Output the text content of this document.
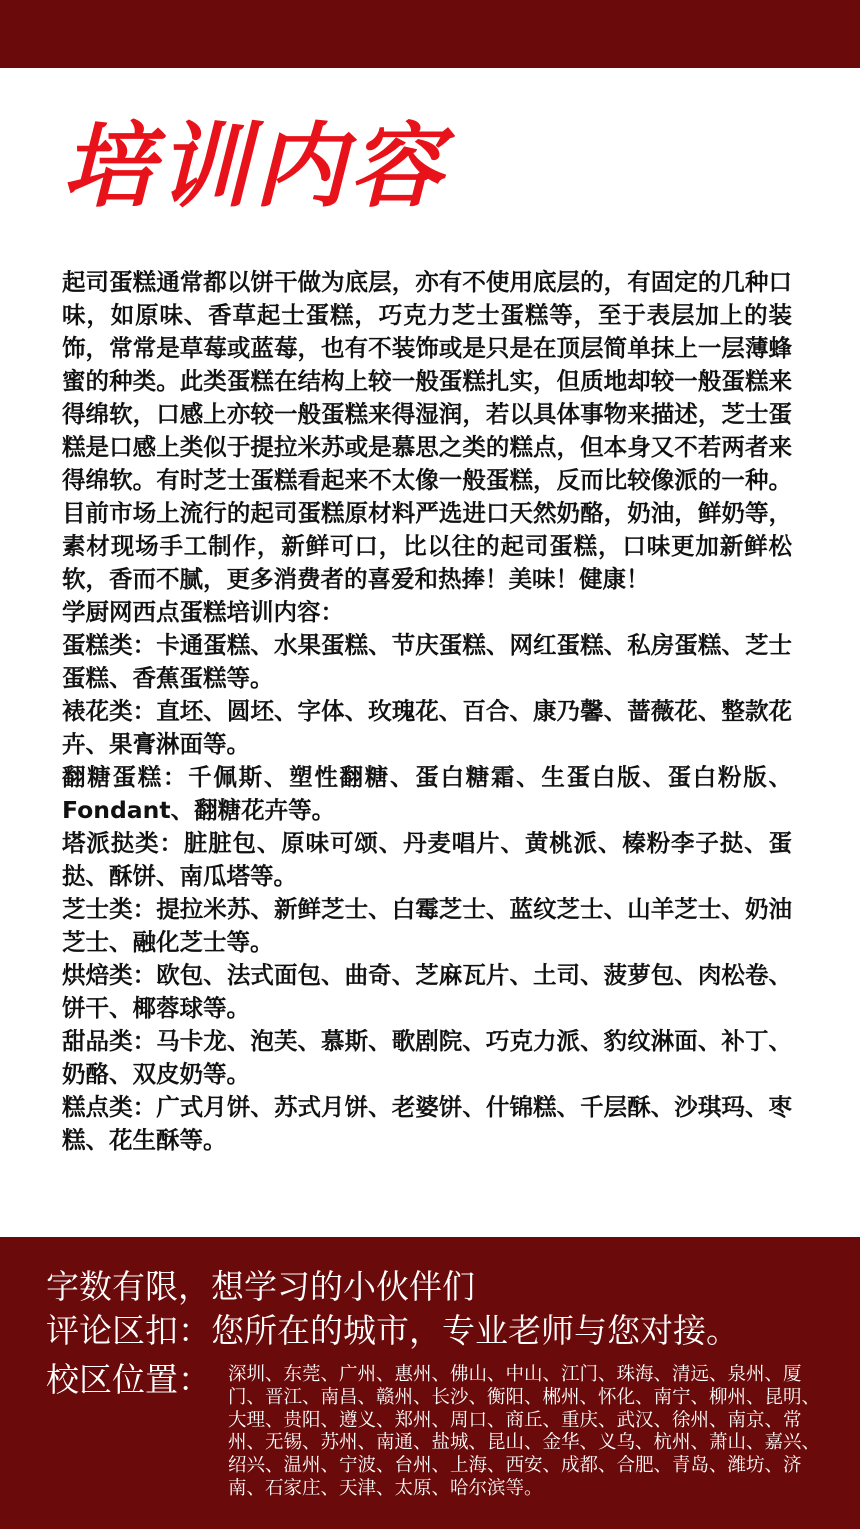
培训内容

起司蛋糕通常都以饼干做为底层，亦有不使用底层的，有固定的几种口味，如原味、香草起士蛋糕，巧克力芝士蛋糕等，至于表层加上的装饰，常常是草莓或蓝莓，也有不装饰或是只是在顶层简单抹上一层薄蜂蜜的种类。此类蛋糕在结构上较一般蛋糕扎实，但质地却较一般蛋糕来得绵软，口感上亦较一般蛋糕来得湿润，若以具体事物来描述，芝士蛋糕是口感上类似于提拉米苏或是慕思之类的糕点，但本身又不若两者来得绵软。有时芝士蛋糕看起来不太像一般蛋糕，反而比较像派的一种。目前市场上流行的起司蛋糕原材料严选进口天然奶酪，奶油，鲜奶等，素材现场手工制作，新鲜可口，比以往的起司蛋糕，口味更加新鲜松软，香而不腻，更多消费者的喜爱和热捧！美味！健康！

学厨网西点蛋糕培训内容：

蛋糕类：卡通蛋糕、水果蛋糕、节庆蛋糕、网红蛋糕、私房蛋糕、芝士蛋糕、香蕉蛋糕等。

裱花类：直坯、圆坯、字体、玫瑰花、百合、康乃馨、蔷薇花、整款花卉、果膏淋面等。

翻糖蛋糕：千佩斯、塑性翻糖、蛋白糖霜、生蛋白版、蛋白粉版、Fondant、翻糖花卉等。

塔派挞类：脏脏包、原味可颂、丹麦唱片、黄桃派、榛粉李子挞、蛋挞、酥饼、南瓜塔等。

芝士类：提拉米苏、新鲜芝士、白霉芝士、蓝纹芝士、山羊芝士、奶油芝士、融化芝士等。

烘焙类：欧包、法式面包、曲奇、芝麻瓦片、土司、菠萝包、肉松卷、饼干、椰蓉球等。

甜品类：马卡龙、泡芙、慕斯、歌剧院、巧克力派、豹纹淋面、补丁、奶酪、双皮奶等。

糕点类：广式月饼、苏式月饼、老婆饼、什锦糕、千层酥、沙琪玛、枣糕、花生酥等。

字数有限，想学习的小伙伴们
评论区扣：您所在的城市，专业老师与您对接。
校区位置： 深圳、东莞、广州、惠州、佛山、中山、江门、珠海、清远、泉州、厦门、晋江、南昌、赣州、长沙、衡阳、郴州、怀化、南宁、柳州、昆明、大理、贵阳、遵义、郑州、周口、商丘、重庆、武汉、徐州、南京、常州、无锡、苏州、南通、盐城、昆山、金华、义乌、杭州、萧山、嘉兴、绍兴、温州、宁波、台州、上海、西安、成都、合肥、青岛、潍坊、济南、石家庄、天津、太原、哈尔滨等。
